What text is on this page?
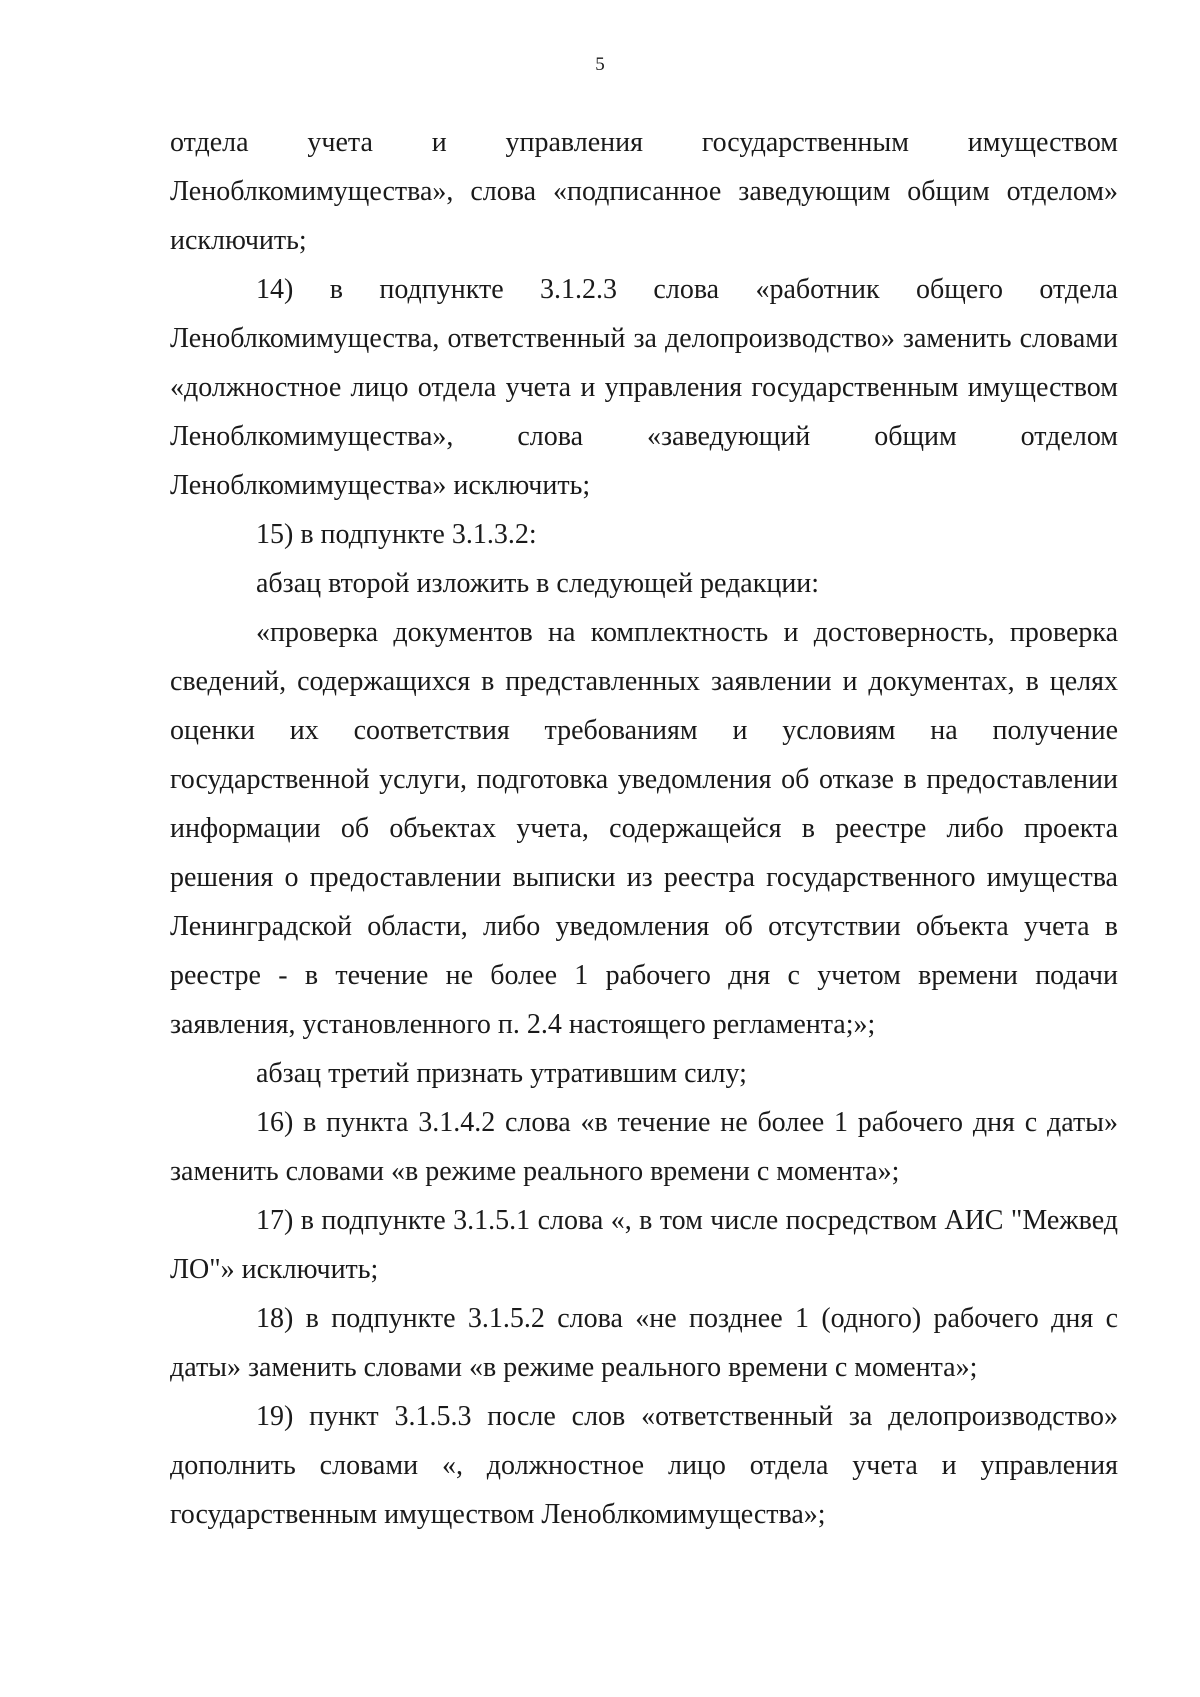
5

отдела учета и управления государственным имуществом Леноблкомимущества», слова «подписанное заведующим общим отделом» исключить;

14) в подпункте 3.1.2.3 слова «работник общего отдела Леноблкомимущества, ответственный за делопроизводство» заменить словами «должностное лицо отдела учета и управления государственным имуществом Леноблкомимущества», слова «заведующий общим отделом Леноблкомимущества» исключить;

15) в подпункте 3.1.3.2:

абзац второй изложить в следующей редакции:

«проверка документов на комплектность и достоверность, проверка сведений, содержащихся в представленных заявлении и документах, в целях оценки их соответствия требованиям и условиям на получение государственной услуги, подготовка уведомления об отказе в предоставлении информации об объектах учета, содержащейся в реестре либо проекта решения о предоставлении выписки из реестра государственного имущества Ленинградской области, либо уведомления об отсутствии объекта учета в реестре - в течение не более 1 рабочего дня с учетом времени подачи заявления, установленного п. 2.4 настоящего регламента;»;

абзац третий признать утратившим силу;

16) в пункта 3.1.4.2 слова «в течение не более 1 рабочего дня с даты» заменить словами «в режиме реального времени с момента»;

17) в подпункте 3.1.5.1 слова «, в том числе посредством АИС "Межвед ЛО"» исключить;

18) в подпункте 3.1.5.2 слова «не позднее 1 (одного) рабочего дня с даты» заменить словами «в режиме реального времени с момента»;

19) пункт 3.1.5.3 после слов «ответственный за делопроизводство» дополнить словами «, должностное лицо отдела учета и управления государственным имуществом Леноблкомимущества»;
